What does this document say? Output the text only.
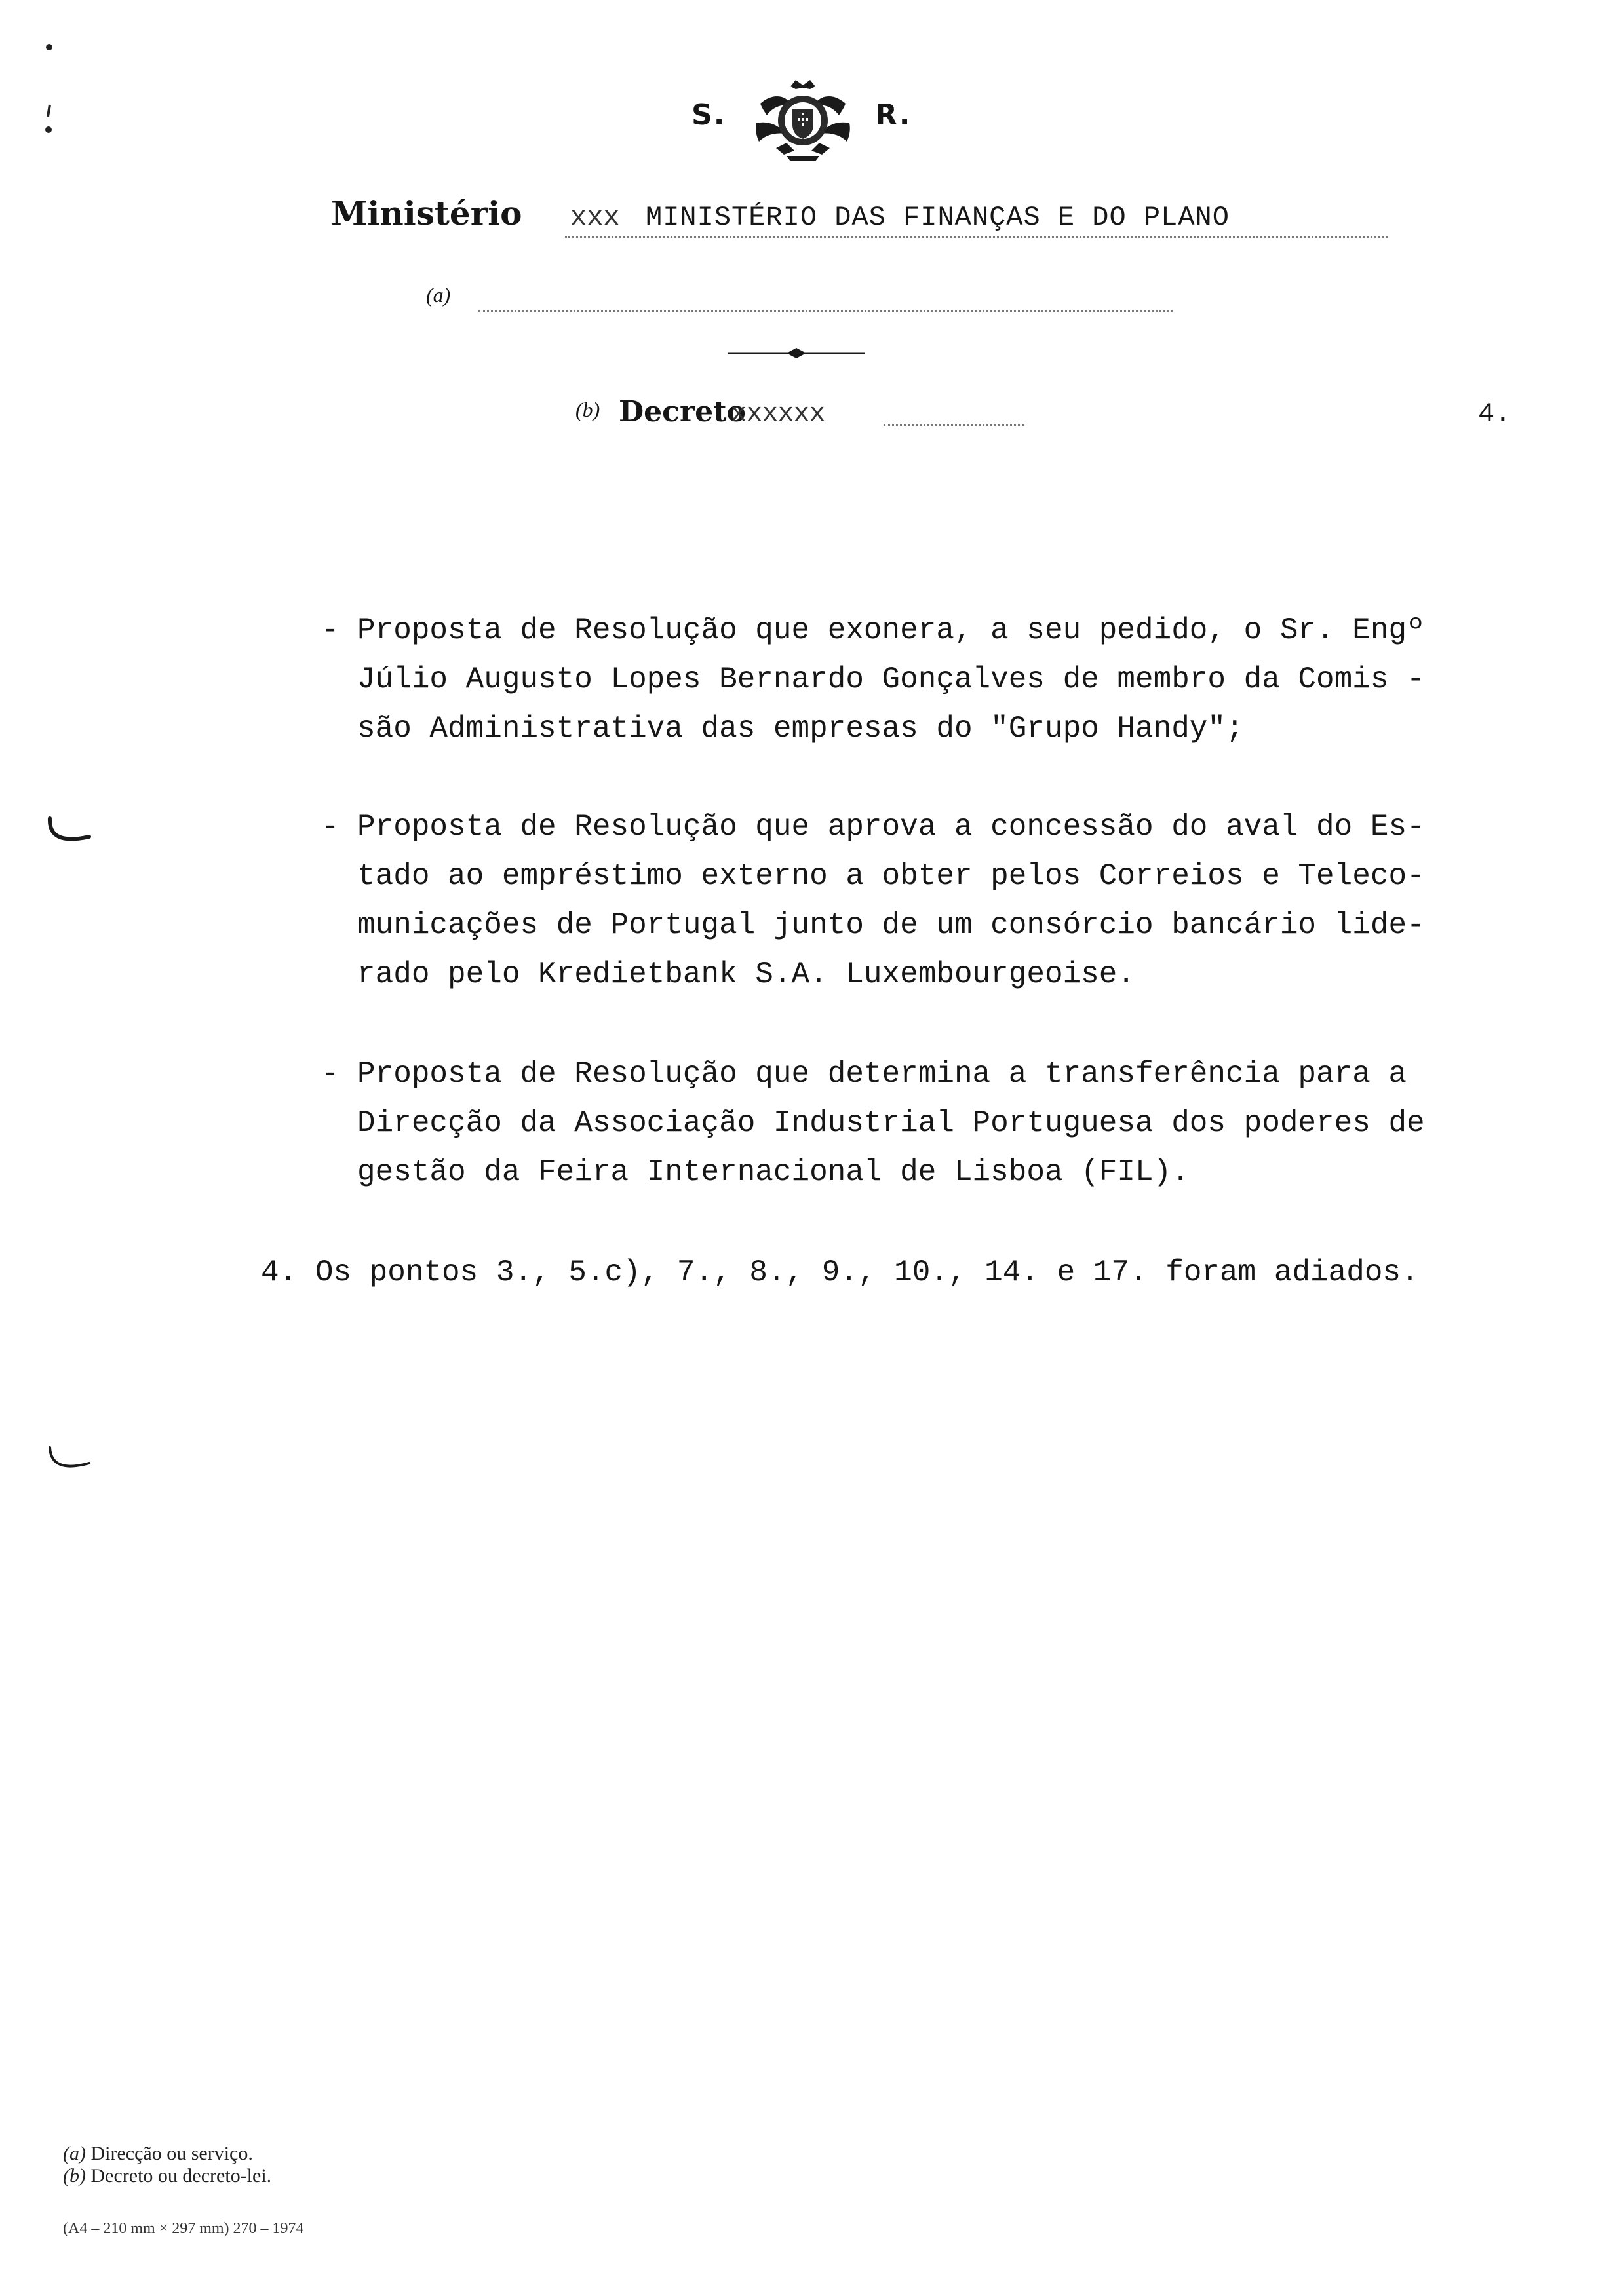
S.	R.
Ministério xxx MINISTÉRIO DAS FINANÇAS E DO PLANO
(a)
(b) Decreto
xxxxxx	4.
- Proposta de Resolução que exonera, a seu pedido, o Sr. Engº
Júlio Augusto Lopes Bernardo Gonçalves de membro da Comis -
são Administrativa das empresas do "Grupo Handy";
- Proposta de Resolução que aprova a concessão do aval do Es-
tado ao empréstimo externo a obter pelos Correios e Teleco-
municações de Portugal junto de um consórcio bancário lide-
rado pelo Kredietbank S.A. Luxembourgeoise.
- Proposta de Resolução que determina a transferência para a
Direcção da Associação Industrial Portuguesa dos poderes de
gestão da Feira Internacional de Lisboa (FIL).
4. Os pontos 3., 5.c), 7., 8., 9., 10., 14. e 17. foram adiados.
(a) Direcção ou serviço.
(b) Decreto ou decreto-lei.
(A4 – 210 mm × 297 mm) 270 – 1974
